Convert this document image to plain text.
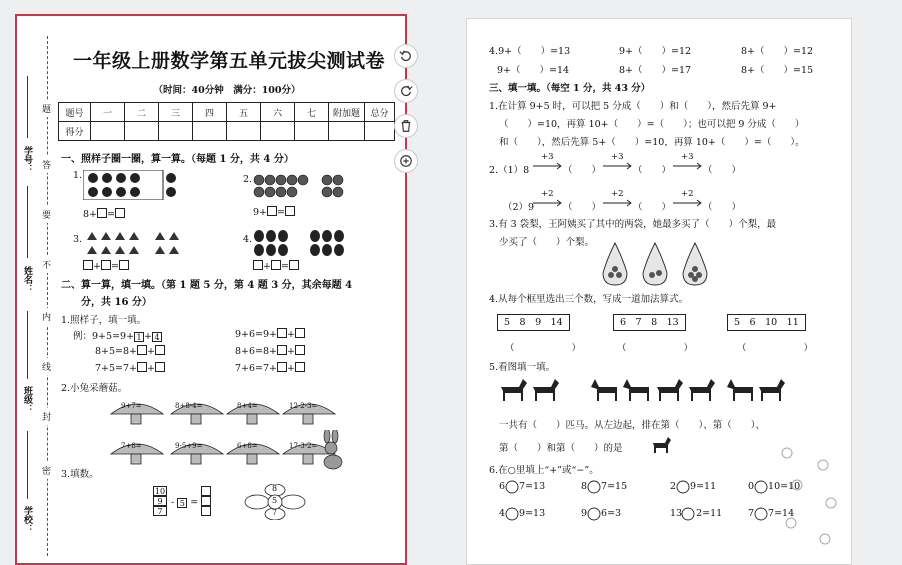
学号：
姓名：
班级：
学校：
题
答
要
不
内
线
封
密
一年级上册数学第五单元拔尖测试卷
（时间：40分钟　满分：100分）
题号	一	二	三	四	五	六	七	附加题	总分
得分									
一、照样子圈一圈，算一算。（每题 1 分，共 4 分）
1.
8+ =
2.
9+ =
3.	4.
+ =
+ =
二、算一算，填一填。（第 1 题 5 分，第 4 题 3 分，其余每题 4
分，共 16 分）
1.照样子，填一填。
例：9+5=9+ 1 + 4
8+5=8+ +
7+5=7+ +
9+6=9+ +
8+6=8+ +
7+6=7+ +
2.小兔采蘑菇。
9+7=	8+8-4=	8+4=	12-2-3=
7+8=	9-5+9=	6+8=	17-3-2=
3.填数。
10
9
7
- 5 =	5
8
7
4.9+（　　）=13	9+（　　）=12	8+（　　）=12
9+（　　）=14	8+（　　）=17	8+（　　）=15
三、填一填。（每空 1 分，共 43 分）
1.在计算 9+5 时，可以把 5 分成（　　）和（　　），然后先算 9+
（　　）=10，再算 10+（　　）=（　　）；也可以把 9 分成（　　）
和（　　），然后先算 5+（　　）=10，再算 10+（　　）=（　　）。
2.（1）8
（2）9
+3	+3	+3
+2	+2	+2
（　　）	（　　）	（　　）
（　　）	（　　）	（　　）
3.有 3 袋梨，王阿姨买了其中的两袋，她最多买了（　　）个梨，最
少买了（　　）个梨。
4.从每个框里选出三个数，写成一道加法算式。
5　8　9　14	6　7　8　13	5　6　10　11
（　　　　　　）	（　　　　　　）	（　　　　　　）
5.看图填一填。
一共有（　　）匹马。从左边起，排在第（　　）、第（　　）、
第（　　）和第（　　）的是
6.在○里填上“+”或“−”。
6 7=13	8 7=15	2 9=11	0 10=10
4 9=13	9 6=3	13 2=11	7 7=14
